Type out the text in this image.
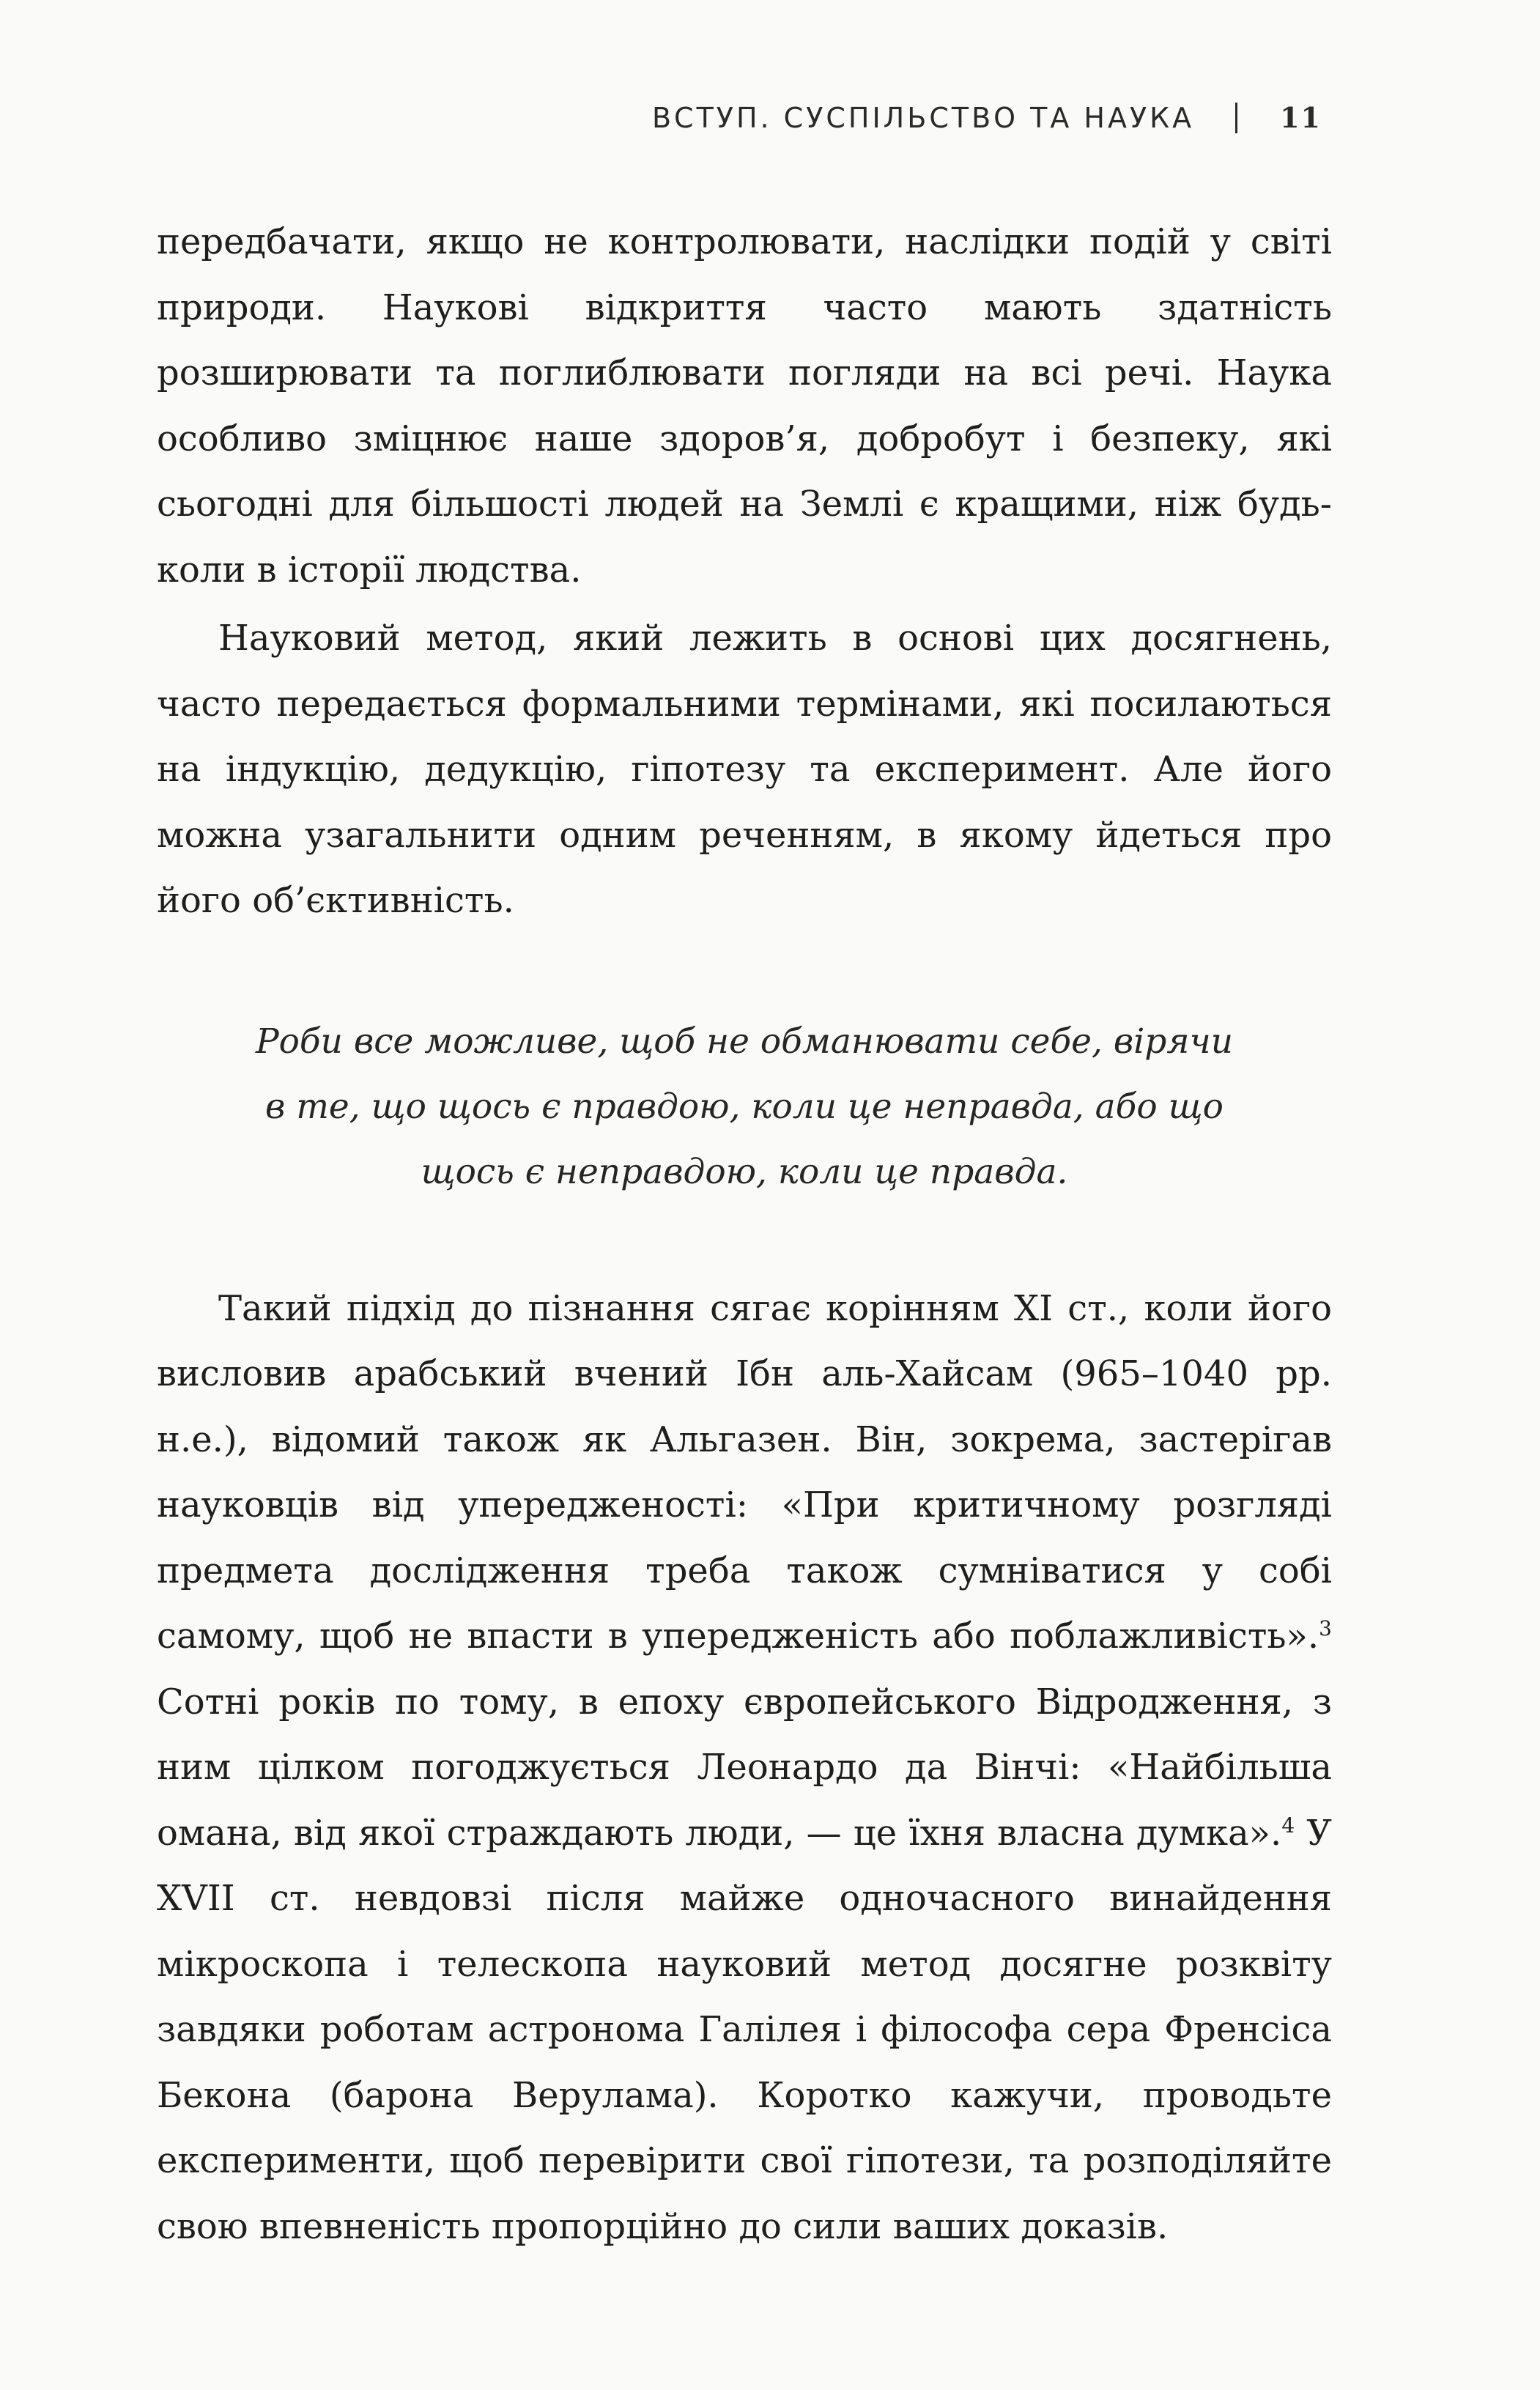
ВСТУП. СУСПІЛЬСТВО ТА НАУКА	11

передбачати, якщо не контролювати, наслідки подій у світі природи. Наукові відкриття часто мають здатність розширювати та поглиблювати погляди на всі речі. Наука особливо зміцнює наше здоров’я, добробут і безпеку, які сьогодні для більшості людей на Землі є кращими, ніж будь-коли в історії людства.

Науковий метод, який лежить в основі цих досягнень, часто передається формальними термінами, які посилаються на індукцію, дедукцію, гіпотезу та експеримент. Але його можна узагальнити одним реченням, в якому йдеться про його об’єктивність.

Роби все можливе, щоб не обманювати себе, вірячи
в те, що щось є правдою, коли це неправда, або що
щось є неправдою, коли це правда.

Такий підхід до пізнання сягає корінням XI ст., коли його висловив арабський вчений Ібн аль-Хайсам (965–1040 рр. н.е.), відомий також як Альгазен. Він, зокрема, застерігав науковців від упередженості: «При критичному розгляді предмета дослідження треба також сумніватися у собі самому, щоб не впасти в упередженість або поблажливість».$^3$ Сотні років по тому, в епоху європейського Відродження, з ним цілком погоджується Леонардо да Вінчі: «Найбільша омана, від якої страждають люди, — це їхня власна думка».$^4$ У XVII ст. невдовзі після майже одночасного винайдення мікроскопа і телескопа науковий метод досягне розквіту завдяки роботам астронома Галілея і філософа сера Френсіса Бекона (барона Верулама). Коротко кажучи, проводьте експерименти, щоб перевірити свої гіпотези, та розподіляйте свою впевненість пропорційно до сили ваших доказів.
